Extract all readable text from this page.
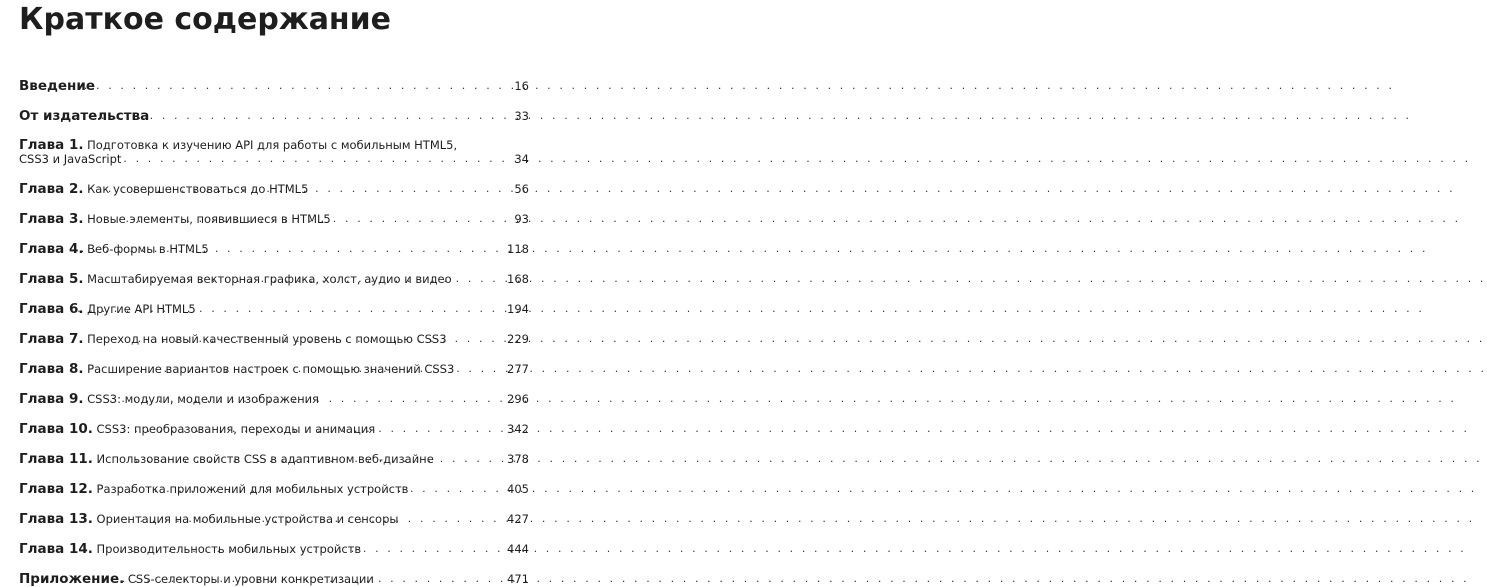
Краткое содержание
Введение . . .	16
От издательства . . .	33
Глава 1. Подготовка к изучению API для работы с мобильным HTML5,
CSS3 и JavaScript . . .	34
Глава 2. Как усовершенствоваться до HTML5 . . .	56
Глава 3. Новые элементы, появившиеся в HTML5 . . .	93
Глава 4. Веб-формы в HTML5 . . .	118
Глава 5. Масштабируемая векторная графика, холст, аудио и видео . . .	168
Глава 6. Другие API HTML5 . . .	194
Глава 7. Переход на новый качественный уровень с помощью CSS3 . . .	229
Глава 8. Расширение вариантов настроек с помощью значений CSS3 . . .	277
Глава 9. CSS3: модули, модели и изображения . . .	296
Глава 10. CSS3: преобразования, переходы и анимация . . .	342
Глава 11. Использование свойств CSS в адаптивном веб-дизайне . . .	378
Глава 12. Разработка приложений для мобильных устройств . . .	405
Глава 13. Ориентация на мобильные устройства и сенсоры . . .	427
Глава 14. Производительность мобильных устройств . . .	444
Приложение. CSS-селекторы и уровни конкретизации . . .	471
